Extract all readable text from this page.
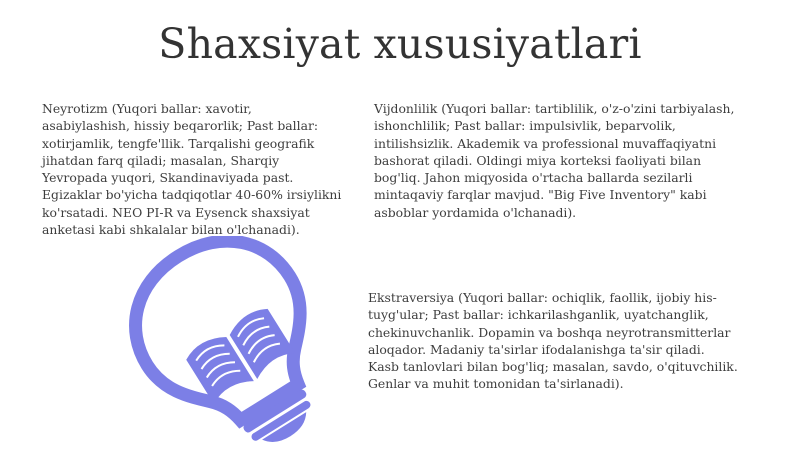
Shaxsiyat xususiyatlari
Neyrotizm (Yuqori ballar: xavotir, asabiylashish, hissiy beqarorlik; Past ballar: xotirjamlik, tengfe'llik. Tarqalishi geografik jihatdan farq qiladi; masalan, Sharqiy Yevropada yuqori, Skandinaviyada past. Egizaklar bo'yicha tadqiqotlar 40-60% irsiylikni ko'rsatadi. NEO PI-R va Eysenck shaxsiyat anketasi kabi shkalalar bilan o'lchanadi).
Vijdonlilik (Yuqori ballar: tartiblilik, o'z-o'zini tarbiyalash, ishonchlilik; Past ballar: impulsivlik, beparvolik, intilishsizlik. Akademik va professional muvaffaqiyatni bashorat qiladi. Oldingi miya korteksi faoliyati bilan bog'liq. Jahon miqyosida o'rtacha ballarda sezilarli mintaqaviy farqlar mavjud. "Big Five Inventory" kabi asboblar yordamida o'lchanadi).
Ekstraversiya (Yuqori ballar: ochiqlik, faollik, ijobiy his-tuyg'ular; Past ballar: ichkarilashganlik, uyatchanglik, chekinuvchanlik. Dopamin va boshqa neyrotransmitterlar aloqador. Madaniy ta'sirlar ifodalanishga ta'sir qiladi. Kasb tanlovlari bilan bog'liq; masalan, savdo, o'qituvchilik. Genlar va muhit tomonidan ta'sirlanadi).
